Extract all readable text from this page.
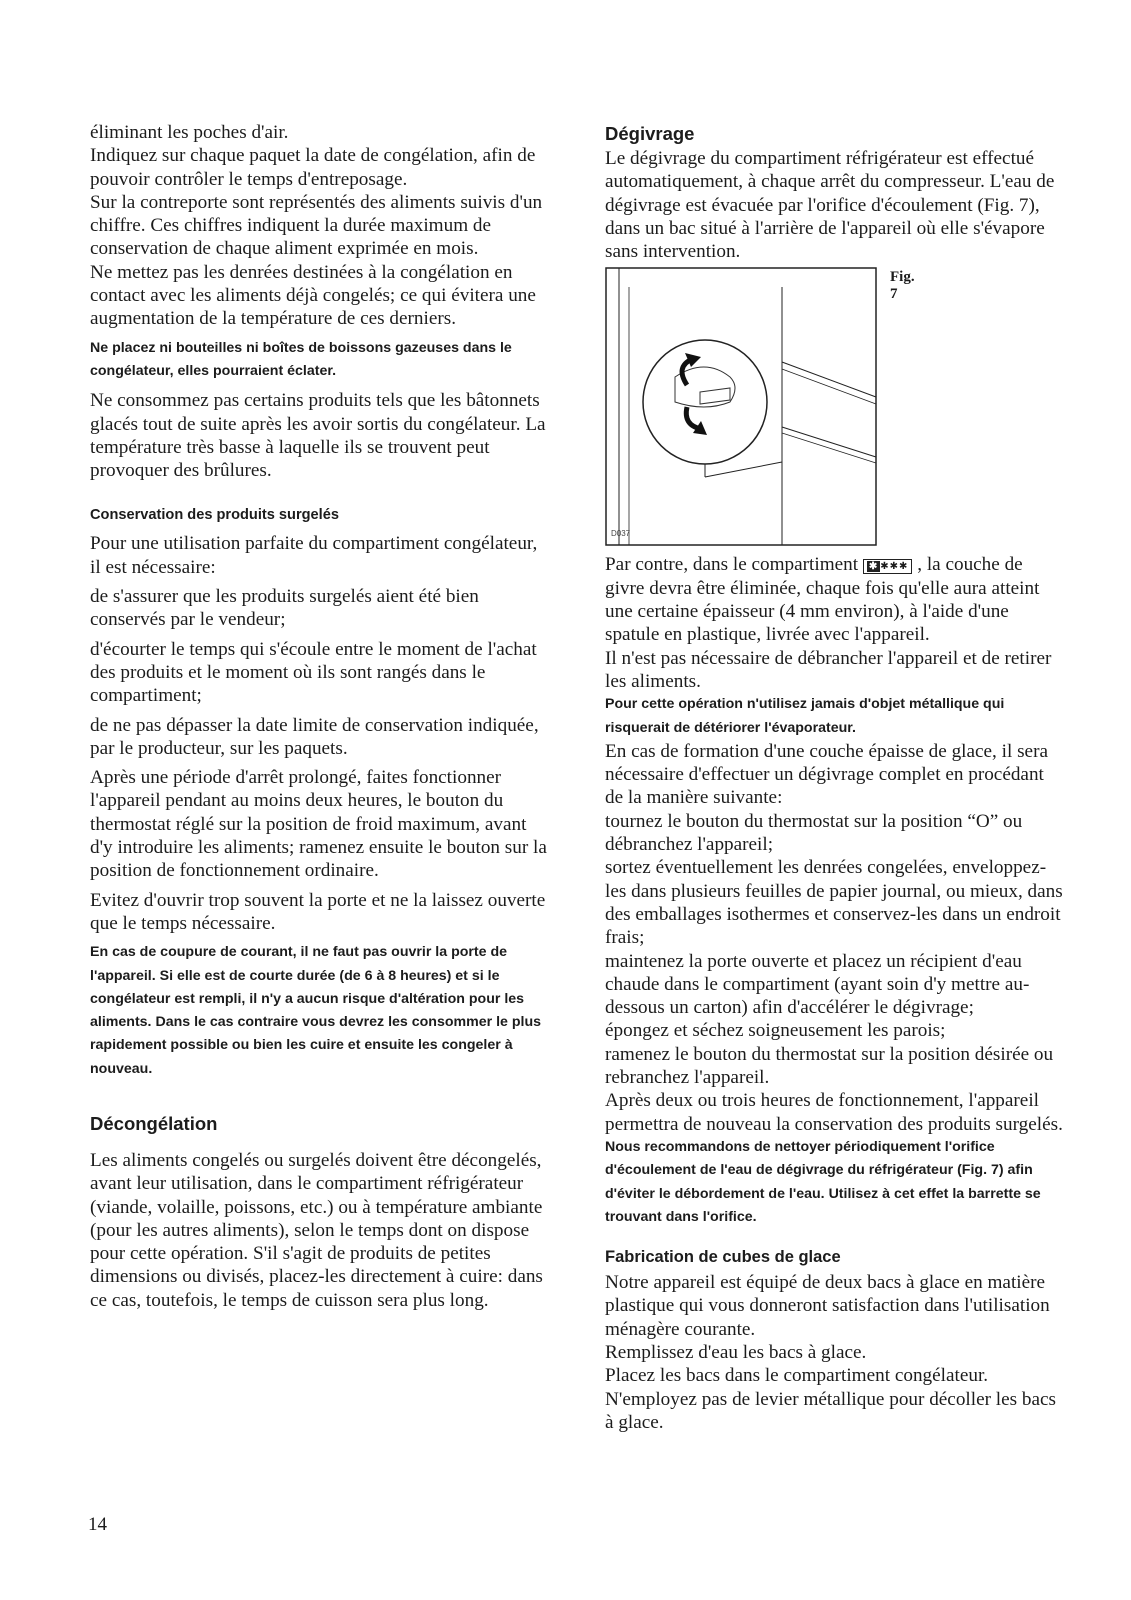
éliminant les poches d'air.

Indiquez sur chaque paquet la date de congélation, afin de pouvoir contrôler le temps d'entreposage.

Sur la contreporte sont représentés des aliments suivis d'un chiffre. Ces chiffres indiquent la durée maximum de conservation de chaque aliment exprimée en mois.

Ne mettez pas les denrées destinées à la congélation en contact avec les aliments déjà congelés; ce qui évitera une augmentation de la température de ces derniers.

Ne placez ni bouteilles ni boîtes de boissons gazeuses dans le congélateur, elles pourraient éclater.

Ne consommez pas certains produits tels que les bâtonnets glacés tout de suite après les avoir sortis du congélateur. La température très basse à laquelle ils se trouvent peut provoquer des brûlures.

Conservation des produits surgelés

Pour une utilisation parfaite du compartiment congélateur, il est nécessaire:

de s'assurer que les produits surgelés aient été bien conservés par le vendeur;

d'écourter le temps qui s'écoule entre le moment de l'achat des produits et le moment où ils sont rangés dans le compartiment;

de ne pas dépasser la date limite de conservation indiquée, par le producteur, sur les paquets.

Après une période d'arrêt prolongé, faites fonctionner l'appareil pendant au moins deux heures, le bouton du thermostat réglé sur la position de froid maximum, avant d'y introduire les aliments; ramenez ensuite le bouton sur la position de fonctionnement ordinaire.

Evitez d'ouvrir trop souvent la porte et ne la laissez ouverte que le temps nécessaire.

En cas de coupure de courant, il ne faut pas ouvrir la porte de l'appareil. Si elle est de courte durée (de 6 à 8 heures) et si le congélateur est rempli, il n'y a aucun risque d'altération pour les aliments. Dans le cas contraire vous devrez les consommer le plus rapidement possible ou bien les cuire et ensuite les congeler à nouveau.

Décongélation

Les aliments congelés ou surgelés doivent être décongelés, avant leur utilisation, dans le compartiment réfrigérateur (viande, volaille, poissons, etc.) ou à température ambiante (pour les autres aliments), selon le temps dont on dispose pour cette opération. S'il s'agit de produits de petites dimensions ou divisés, placez-les directement à cuire: dans ce cas, toutefois, le temps de cuisson sera plus long.

Dégivrage

Le dégivrage du compartiment réfrigérateur est effectué automatiquement, à chaque arrêt du compresseur. L'eau de dégivrage est évacuée par l'orifice d'écoulement (Fig. 7), dans un bac situé à l'arrière de l'appareil où elle s'évapore sans intervention.

Fig. 7
D037

Par contre, dans le compartiment ✱ ✱✱✱ , la couche de givre devra être éliminée, chaque fois qu'elle aura atteint une certaine épaisseur (4 mm environ), à l'aide d'une spatule en plastique, livrée avec l'appareil.

Il n'est pas nécessaire de débrancher l'appareil et de retirer les aliments.

Pour cette opération n'utilisez jamais d'objet métallique qui risquerait de détériorer l'évaporateur.

En cas de formation d'une couche épaisse de glace, il sera nécessaire d'effectuer un dégivrage complet en procédant de la manière suivante:

tournez le bouton du thermostat sur la position “O” ou débranchez l'appareil;

sortez éventuellement les denrées congelées, enveloppez-les dans plusieurs feuilles de papier journal, ou mieux, dans des emballages isothermes et conservez-les dans un endroit frais;

maintenez la porte ouverte et placez un récipient d'eau chaude dans le compartiment (ayant soin d'y mettre au-dessous un carton) afin d'accélérer le dégivrage;

épongez et séchez soigneusement les parois;

ramenez le bouton du thermostat sur la position désirée ou rebranchez l'appareil.

Après deux ou trois heures de fonctionnement, l'appareil permettra de nouveau la conservation des produits surgelés.

Nous recommandons de nettoyer périodiquement l'orifice d'écoulement de l'eau de dégivrage du réfrigérateur (Fig. 7) afin d'éviter le débordement de l'eau. Utilisez à cet effet la barrette se trouvant dans l'orifice.

Fabrication de cubes de glace

Notre appareil est équipé de deux bacs à glace en matière plastique qui vous donneront satisfaction dans l'utilisation ménagère courante.

Remplissez d'eau les bacs à glace.

Placez les bacs dans le compartiment congélateur.

N'employez pas de levier métallique pour décoller les bacs à glace.

14
